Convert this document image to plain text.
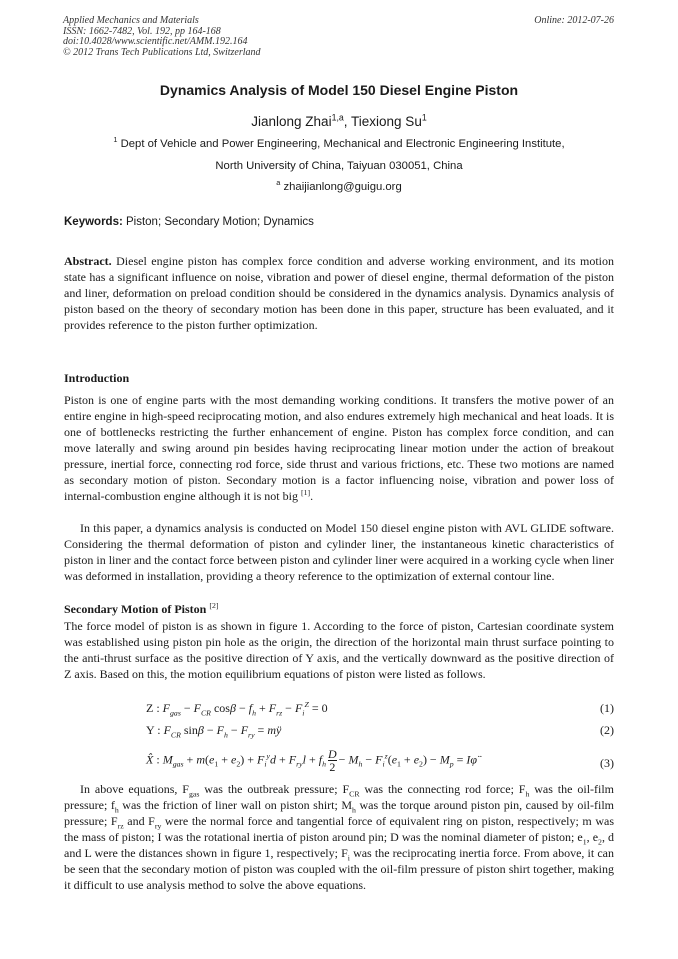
Applied Mechanics and Materials
ISSN: 1662-7482, Vol. 192, pp 164-168
doi:10.4028/www.scientific.net/AMM.192.164
© 2012 Trans Tech Publications Ltd, Switzerland
Online: 2012-07-26
Dynamics Analysis of Model 150 Diesel Engine Piston
Jianlong Zhai$^{1,a}$, Tiexiong Su$^1$
$^1$ Dept of Vehicle and Power Engineering, Mechanical and Electronic Engineering Institute,
North University of China, Taiyuan 030051, China
$^a$ zhaijianlong@guigu.org
Keywords: Piston; Secondary Motion; Dynamics

Abstract. Diesel engine piston has complex force condition and adverse working environment, and its motion state has a significant influence on noise, vibration and power of diesel engine, thermal deformation of the piston and liner, deformation on preload condition should be considered in the dynamics analysis. Dynamics analysis of piston based on the theory of secondary motion has been done in this paper, structure has been evaluated, and it provides reference to the piston further optimization.

Introduction

Piston is one of engine parts with the most demanding working conditions. It transfers the motive power of an entire engine in high-speed reciprocating motion, and also endures extremely high mechanical and heat loads. It is one of bottlenecks restricting the further enhancement of engine. Piston has complex force condition, and can move laterally and swing around pin besides having reciprocating linear motion under the action of breakout pressure, inertial force, connecting rod force, side thrust and various frictions, etc. These two motions are named as secondary motion of piston. Secondary motion is a factor influencing noise, vibration and power loss of internal-combustion engine although it is not big [1].

In this paper, a dynamics analysis is conducted on Model 150 diesel engine piston with AVL GLIDE software. Considering the thermal deformation of piston and cylinder liner, the instantaneous kinetic characteristics of piston in liner and the contact force between piston and cylinder liner were acquired in a working cycle when liner was deformed in installation, providing a theory reference to the optimization of external contour line.

Secondary Motion of Piston [2]

The force model of piston is as shown in figure 1. According to the force of piston, Cartesian coordinate system was established using piston pin hole as the origin, the direction of the horizontal main thrust surface pointing to the anti-thrust surface as the positive direction of Y axis, and the vertically downward as the positive direction of Z axis. Based on this, the motion equilibrium equations of piston were listed as follows.

Z : $F_{gas} - F_{CR}$ $\cos\beta - f_h + F_{rz} - F_i^Z = 0$	(1)
Y : $F_{CR}$ $\sin\beta - F_h - F_{ry}$ = mÿ	(2)
X̂ : $M_{gas} + m(e_1 + e_2) + F_i^yd + F_{ry}l + f_h \frac{D}{2} - M_h - F_i^z(e_1 + e_2) - M_p$ = Iφ̈	(3)

In above equations, $F_{gas}$ was the outbreak pressure; $F_{CR}$ was the connecting rod force; $F_h$ was the oil-film pressure; $f_h$ was the friction of liner wall on piston shirt; $M_h$ was the torque around piston pin, caused by oil-film pressure; $F_{rz}$ and $F_{ry}$ were the normal force and tangential force of equivalent ring on piston, respectively; m was the mass of piston; I was the rotational inertia of piston around pin; D was the nominal diameter of piston; $e_1$, $e_2$, d and L were the distances shown in figure 1, respectively; $F_i$ was the reciprocating inertia force. From above, it can be seen that the secondary motion of piston was coupled with the oil-film pressure of piston shirt together, making it difficult to use analysis method to solve the above equations.
